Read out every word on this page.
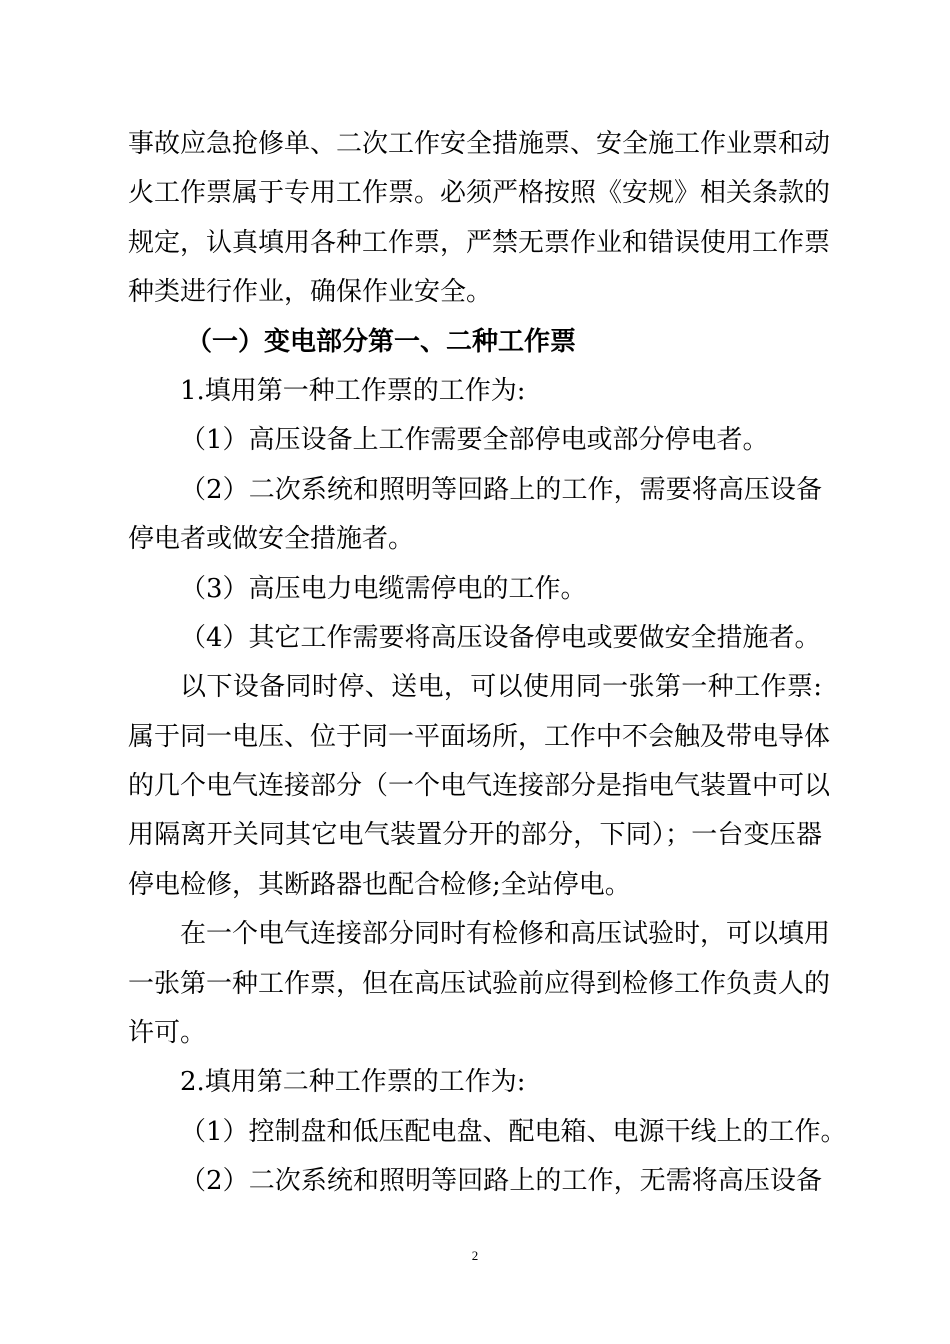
事故应急抢修单、二次工作安全措施票、安全施工作业票和动
火工作票属于专用工作票。必须严格按照《安规》相关条款的
规定，认真填用各种工作票，严禁无票作业和错误使用工作票
种类进行作业，确保作业安全。
（一）变电部分第一、二种工作票
1.填用第一种工作票的工作为:
（1）高压设备上工作需要全部停电或部分停电者。
（2）二次系统和照明等回路上的工作，需要将高压设备
停电者或做安全措施者。
（3）高压电力电缆需停电的工作。
（4）其它工作需要将高压设备停电或要做安全措施者。
以下设备同时停、送电，可以使用同一张第一种工作票:
属于同一电压、位于同一平面场所，工作中不会触及带电导体
的几个电气连接部分（一个电气连接部分是指电气装置中可以
用隔离开关同其它电气装置分开的部分，下同）；一台变压器
停电检修，其断路器也配合检修;全站停电。
在一个电气连接部分同时有检修和高压试验时，可以填用
一张第一种工作票，但在高压试验前应得到检修工作负责人的
许可。
2.填用第二种工作票的工作为:
（1）控制盘和低压配电盘、配电箱、电源干线上的工作。
（2）二次系统和照明等回路上的工作，无需将高压设备
2
